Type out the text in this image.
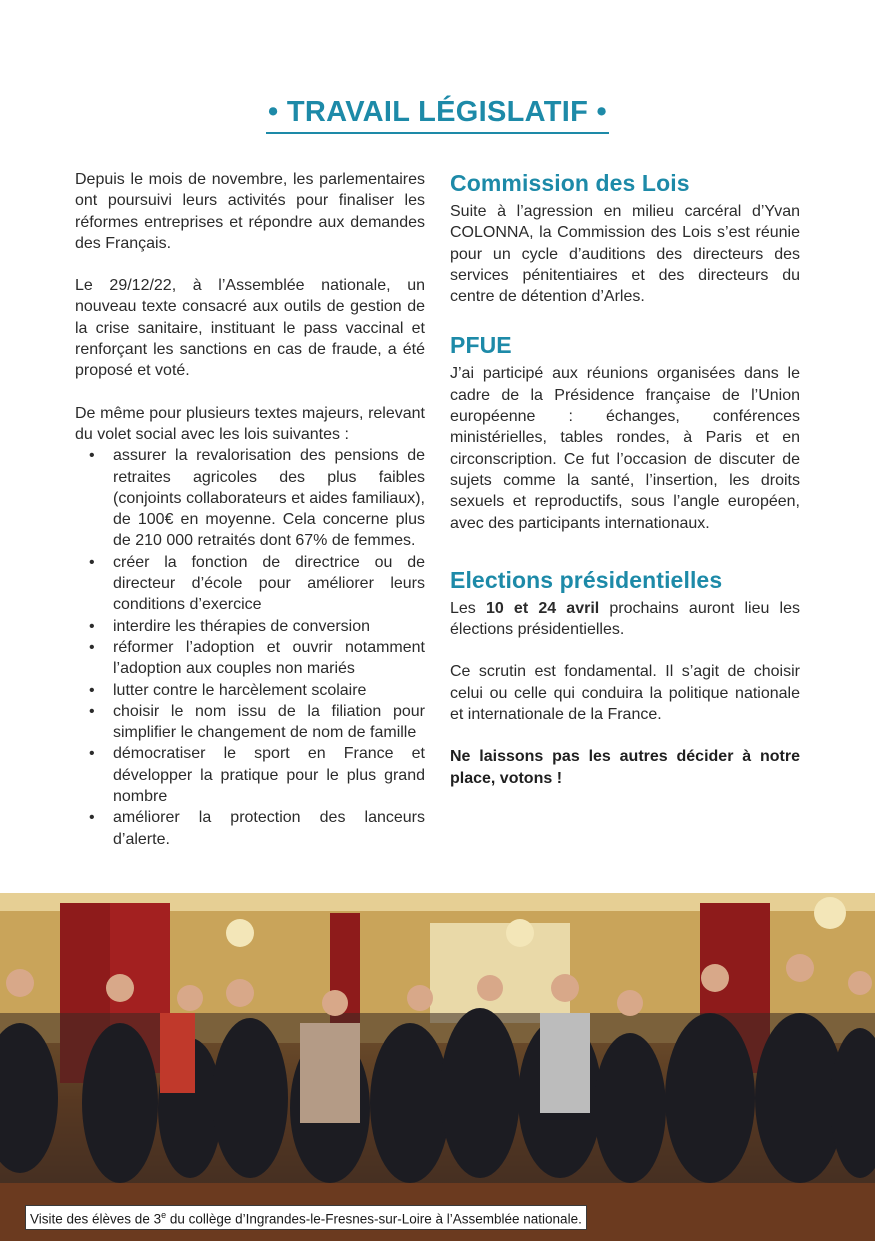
• TRAVAIL LÉGISLATIF •

Depuis le mois de novembre, les parlementaires ont poursuivi leurs activités pour finaliser les réformes entreprises et répondre aux demandes des Français.

Le 29/12/22, à l’Assemblée nationale, un nouveau texte consacré aux outils de gestion de la crise sanitaire, instituant le pass vaccinal et renforçant les sanctions en cas de fraude, a été proposé et voté.

De même pour plusieurs textes majeurs, relevant du volet social avec les lois suivantes :

• assurer la revalorisation des pensions de retraites agricoles des plus faibles (conjoints collaborateurs et aides familiaux), de 100€ en moyenne. Cela concerne plus de 210 000 retraités dont 67% de femmes.
• créer la fonction de directrice ou de directeur d’école pour améliorer leurs conditions d’exercice
• interdire les thérapies de conversion
• réformer l’adoption et ouvrir notamment l’adoption aux couples non mariés
• lutter contre le harcèlement scolaire
• choisir le nom issu de la filiation pour simplifier le changement de nom de famille
• démocratiser le sport en France et développer la pratique pour le plus grand nombre
• améliorer la protection des lanceurs d’alerte.
Commission des Lois

Suite à l’agression en milieu carcéral d’Yvan COLONNA, la Commission des Lois s’est réunie pour un cycle d’auditions des directeurs des services pénitentiaires et des directeurs du centre de détention d’Arles.

PFUE

J’ai participé aux réunions organisées dans le cadre de la Présidence française de l’Union européenne : échanges, conférences ministérielles, tables rondes, à Paris et en circonscription. Ce fut l’occasion de discuter de sujets comme la santé, l’insertion, les droits sexuels et reproductifs, sous l’angle européen, avec des participants internationaux.

Elections présidentielles

Les 10 et 24 avril prochains auront lieu les élections présidentielles.

Ce scrutin est fondamental. Il s’agit de choisir celui ou celle qui conduira la politique nationale et internationale de la France.

Ne laissons pas les autres décider à notre place, votons !

Visite des élèves de 3e du collège d’Ingrandes-le-Fresnes-sur-Loire à l’Assemblée nationale.
